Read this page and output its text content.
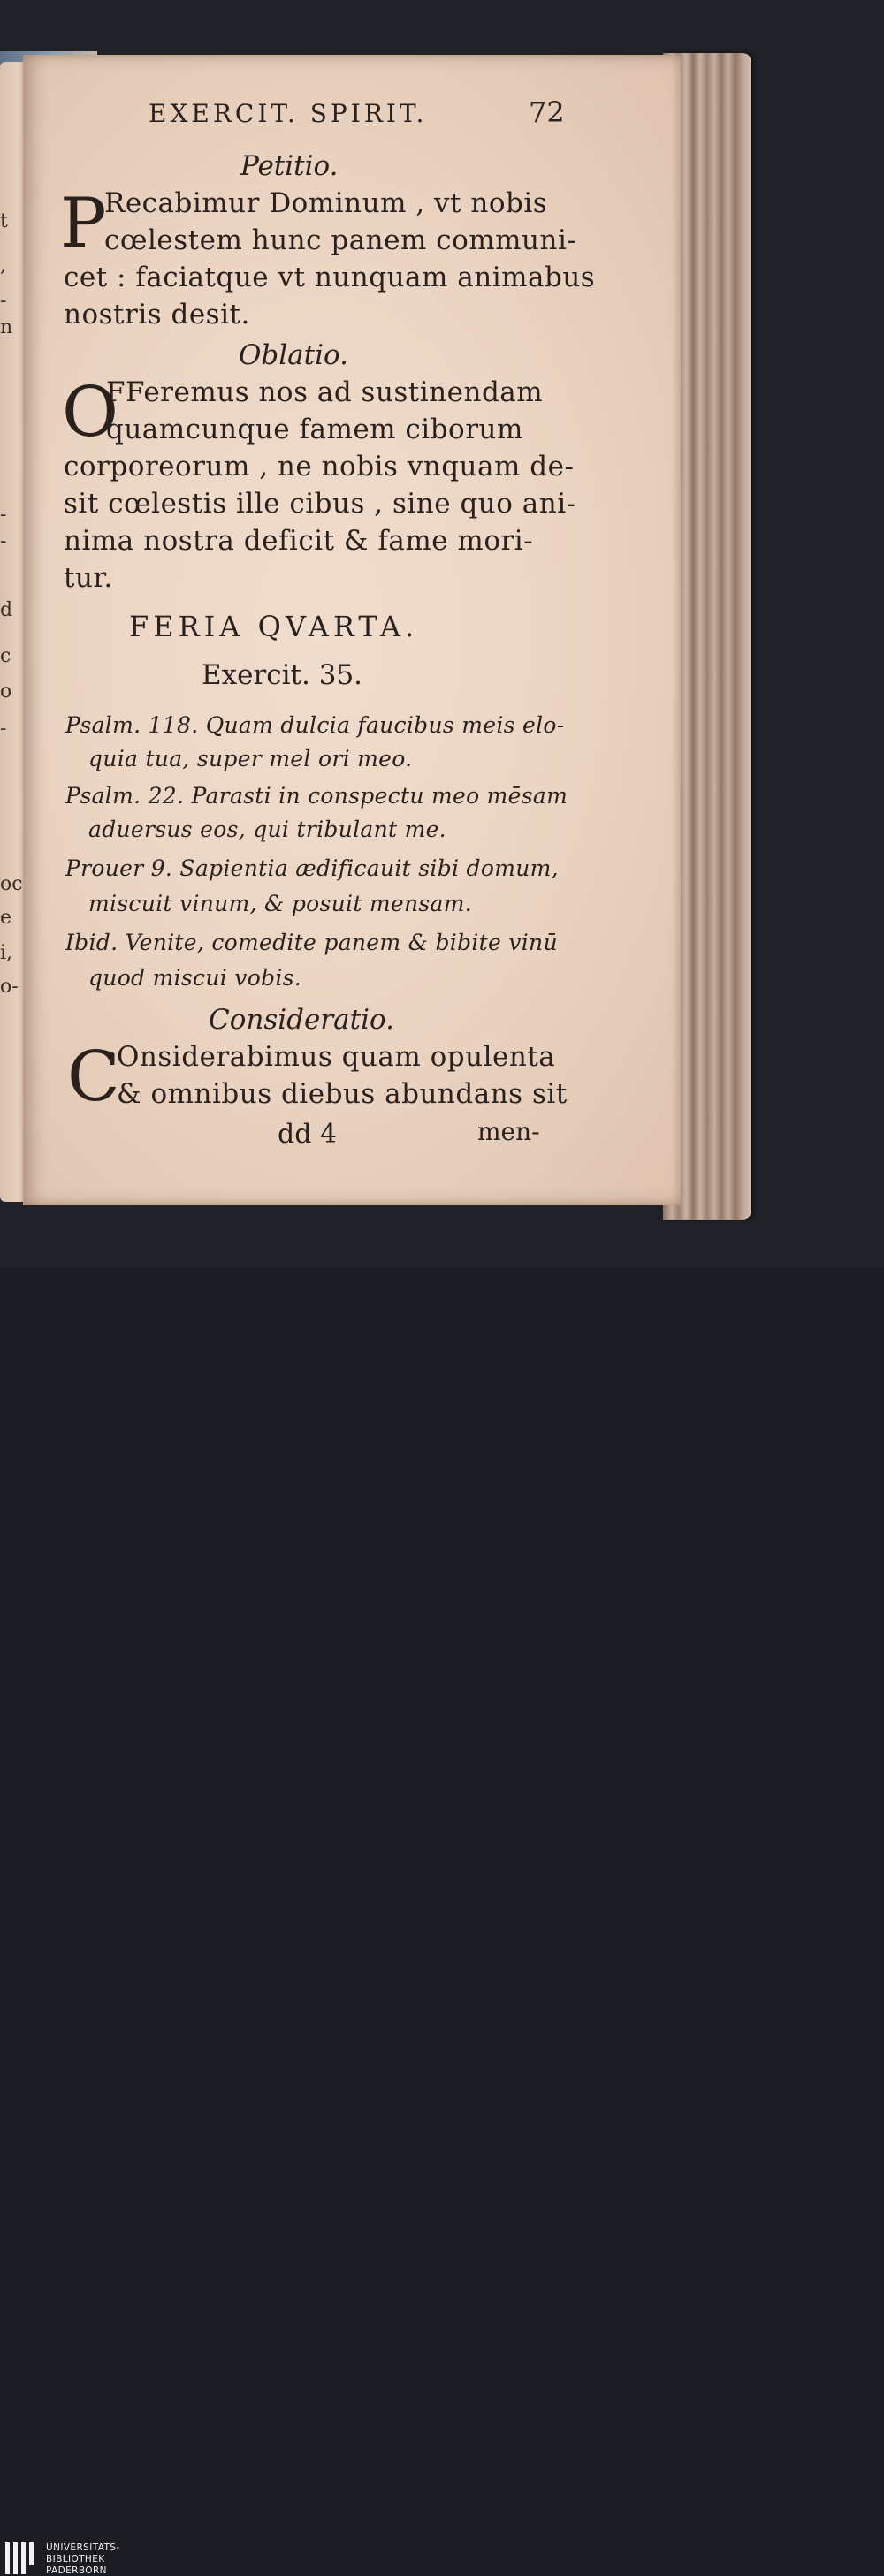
t
,
-
n
-
-
d
c
o
-
oc
e
i,
o-
EXERCIT. SPIRIT.	72
Petitio.
P
Recabimur Dominum , vt nobis
cœlestem hunc panem communi-
cet : faciatque vt nunquam animabus
nostris desit.
Oblatio.
O
FFeremus nos ad sustinendam
quamcunque famem ciborum
corporeorum , ne nobis vnquam de-
sit cœlestis ille cibus , sine quo ani-
nima nostra deficit & fame mori-
tur.
FERIA QVARTA.
Exercit. 35.
Psalm. 118. Quam dulcia faucibus meis elo-
quia tua, super mel ori meo.
Psalm. 22. Parasti in conspectu meo mēsam
aduersus eos, qui tribulant me.
Prouer 9. Sapientia ædificauit sibi domum,
miscuit vinum, & posuit mensam.
Ibid. Venite, comedite panem & bibite vinū
quod miscui vobis.
Consideratio.
C
Onsiderabimus quam opulenta
& omnibus diebus abundans sit
dd 4	men-
UNIVERSITÄTS-
BIBLIOTHEK
PADERBORN
